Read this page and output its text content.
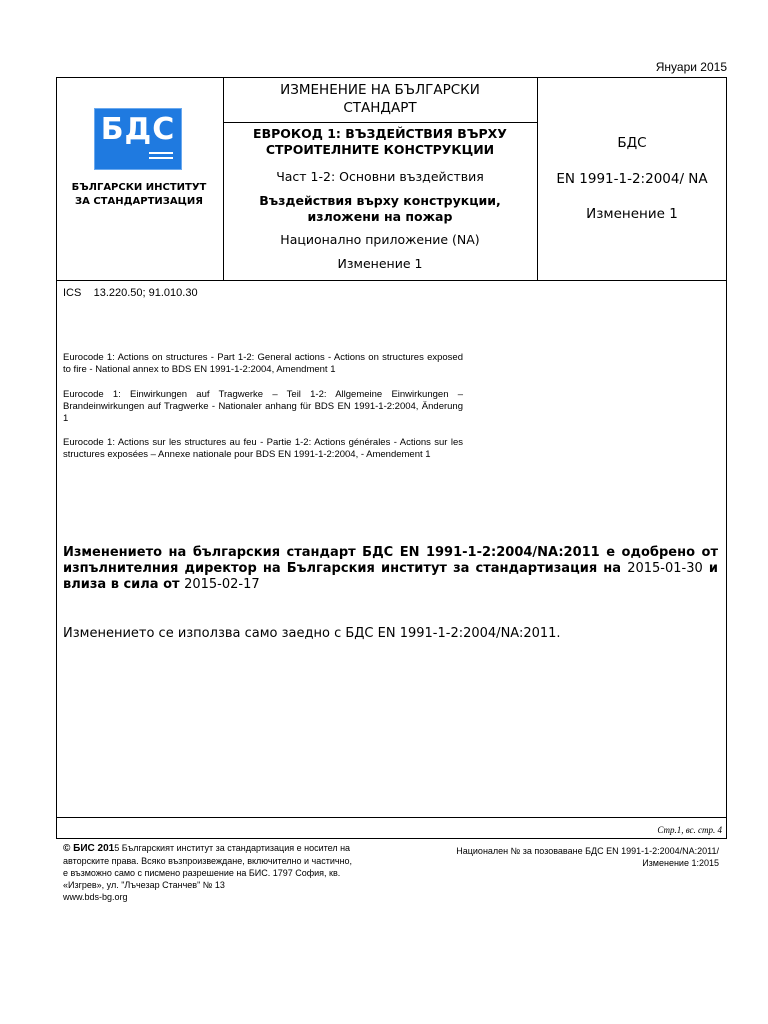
Януари 2015
БДС
БЪЛГАРСКИ ИНСТИТУТ
ЗА СТАНДАРТИЗАЦИЯ
ИЗМЕНЕНИЕ НА БЪЛГАРСКИ
СТАНДАРТ
ЕВРОКОД 1: ВЪЗДЕЙСТВИЯ ВЪРХУ
СТРОИТЕЛНИТЕ КОНСТРУКЦИИ
Част 1-2: Основни въздействия
Въздействия върху конструкции,
изложени на пожар
Национално приложение (NA)
Изменение 1
БДС
EN 1991-1-2:2004/ NA
Изменение 1
ICS 13.220.50; 91.010.30
Eurocode 1: Actions on structures - Part 1-2: General actions - Actions on structures exposed to fire - National annex to BDS EN 1991-1-2:2004, Amendment 1
Eurocode 1: Einwirkungen auf Tragwerke – Teil 1-2: Allgemeine Einwirkungen – Brandeinwirkungen auf Tragwerke - Nationaler anhang für BDS EN 1991-1-2:2004, Änderung 1
Eurocode 1: Actions sur les structures au feu - Partie 1-2: Actions générales - Actions sur les structures exposées – Annexe nationale pour BDS EN 1991-1-2:2004, - Amendement 1
Изменението на българския стандарт БДС EN 1991-1-2:2004/NA:2011 е одобрено от изпълнителния директор на Българския институт за стандартизация на 2015-01-30 и влиза в сила от 2015-02-17
Изменението се използва само заедно с БДС EN 1991-1-2:2004/NA:2011.
Стр.1, вс. стр. 4
© БИС 2015 Българският институт за стандартизация е носител на авторските права. Всяко възпроизвеждане, включително и частично, е възможно само с писмено разрешение на БИС. 1797 София, кв. «Изгрев», ул. "Лъчезар Станчев" № 13
www.bds-bg.org
Национален № за позоваване БДС EN 1991-1-2:2004/NA:2011/
Изменение 1:2015
